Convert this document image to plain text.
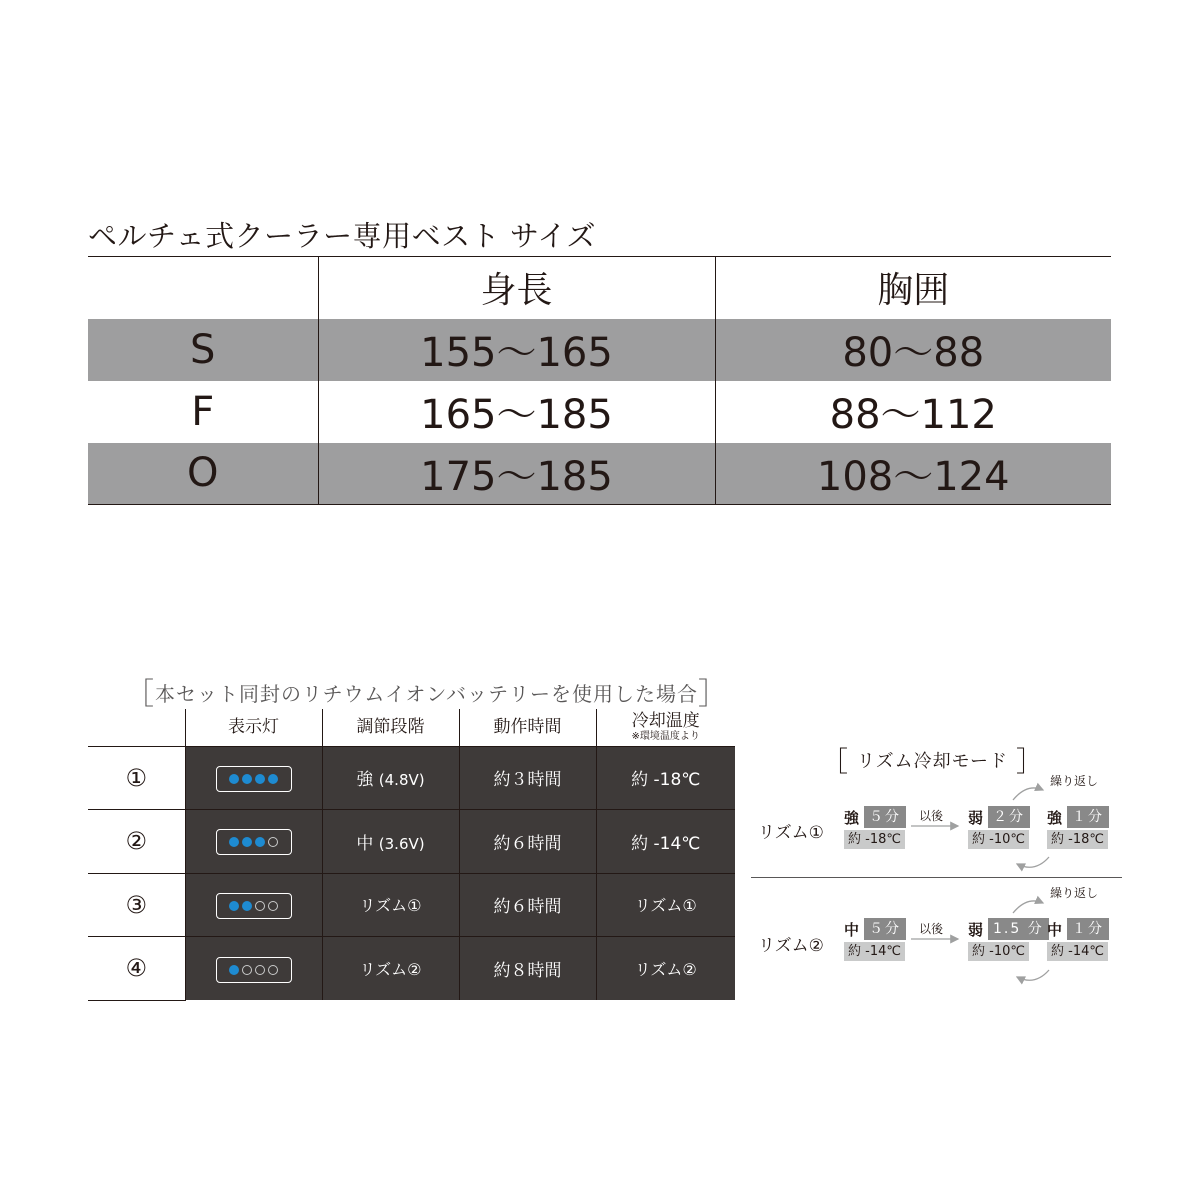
ペルチェ式クーラー専用ベスト サイズ
	身長	胸囲
S	155〜165	80〜88
F	165〜185	88〜112
O	175〜185	108〜124
［本セット同封のリチウムイオンバッテリーを使用した場合］
	表示灯	調節段階	動作時間	冷却温度
※環境温度より

①		強 (4.8V)	約３時間	約 -18℃
②		中 (3.6V)	約６時間	約 -14℃
③		リズム①	約６時間	リズム①
④		リズム②	約８時間	リズム②
［ リズム冷却モード ］
リズム①
強 ５分
約 -18℃
以後 弱 ２分
約 -10℃
強 １分
約 -18℃
繰り返し
リズム②
中 ５分
約 -14℃
以後 弱 1.5 分
約 -10℃
中 １分
約 -14℃
繰り返し
